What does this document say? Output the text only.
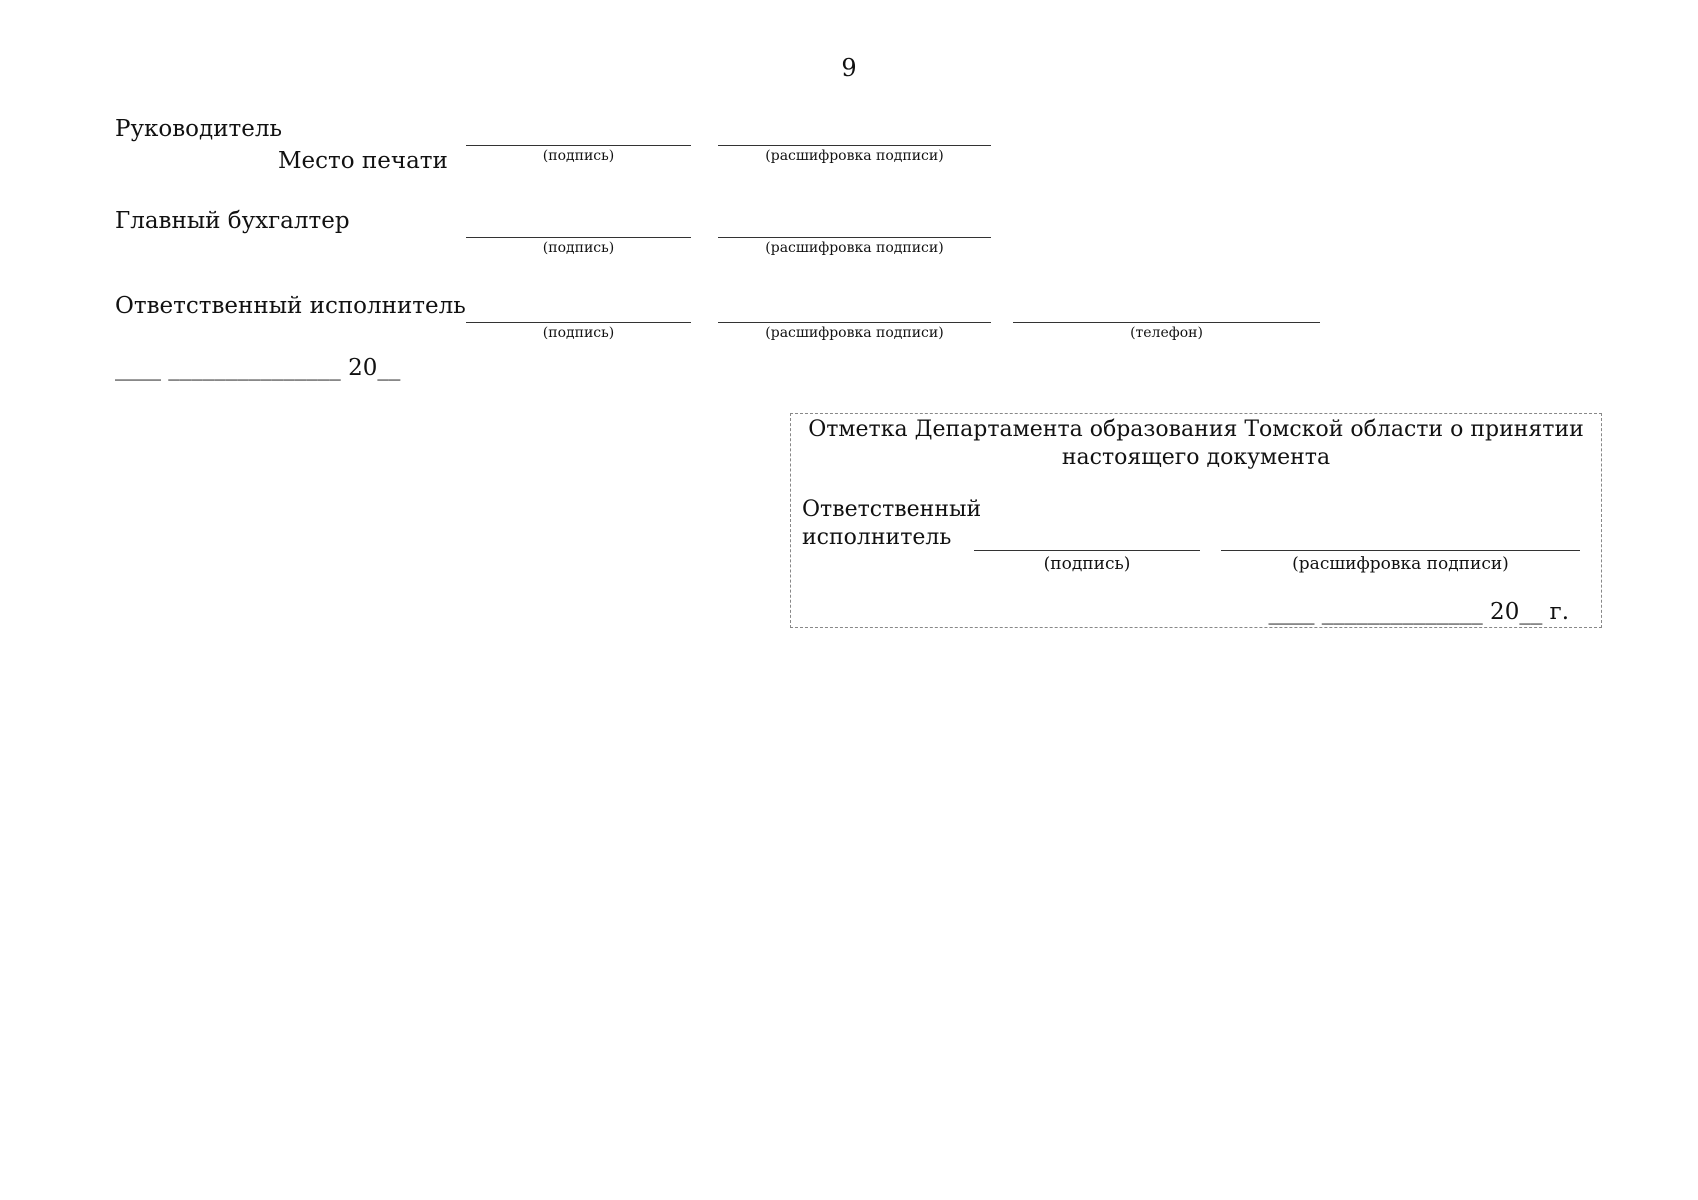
9
Руководитель
Место печати	(подпись)	(расшифровка подписи)
Главный бухгалтер
(подпись)	(расшифровка подписи)
Ответственный исполнитель
(подпись)	(расшифровка подписи)	(телефон)
____ _______________ 20__
Отметка Департамента образования Томской области о принятии
настоящего документа
Ответственный
исполнитель
(подпись)	(расшифровка подписи)
____ ______________ 20__ г.
